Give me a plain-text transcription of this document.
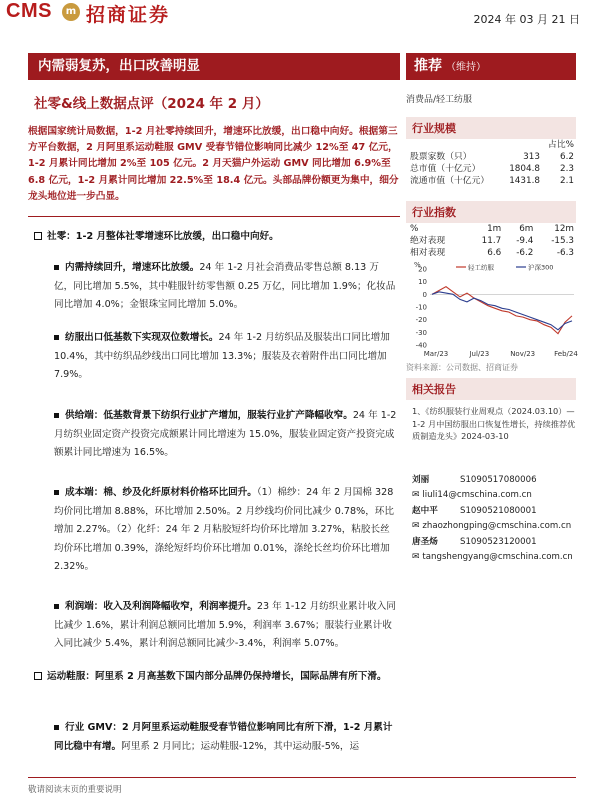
CMS	m 招商证券	2024 年 03 月 21 日
内需弱复苏，出口改善明显	推荐 （维持）
社零&线上数据点评（2024 年 2 月）
根据国家统计局数据，1-2 月社零持续回升，增速环比放缓，出口稳中向好。根据第三方平台数据，2 月阿里系运动鞋服 GMV 受春节错位影响同比减少 12%至 47 亿元，1-2 月累计同比增加 2%至 105 亿元。2 月天猫户外运动 GMV 同比增加 6.9%至 6.8 亿元，1-2 月累计同比增加 22.5%至 18.4 亿元。头部品牌份额更为集中，细分龙头地位进一步凸显。
社零：1-2 月整体社零增速环比放缓，出口稳中向好。
内需持续回升，增速环比放缓。24 年 1-2 月社会消费品零售总额 8.13 万亿，同比增加 5.5%，其中鞋服针纺零售额 0.25 万亿，同比增加 1.9%；化妆品同比增加 4.0%；金银珠宝同比增加 5.0%。
纺服出口低基数下实现双位数增长。24 年 1-2 月纺织品及服装出口同比增加 10.4%，其中纺织品纱线出口同比增加 13.3%；服装及衣着附件出口同比增加 7.9%。
供给端：低基数背景下纺织行业扩产增加，服装行业扩产降幅收窄。24 年 1-2 月纺织业固定资产投资完成额累计同比增速为 15.0%，服装业固定资产投资完成额累计同比增速为 16.5%。
成本端：棉、纱及化纤原材料价格环比回升。（1）棉纱：24 年 2 月国棉 328 均价同比增加 8.88%，环比增加 2.50%。2 月纱线均价同比减少 0.78%，环比增加 2.27%。（2）化纤：24 年 2 月粘胶短纤均价环比增加 3.27%，粘胶长丝均价环比增加 0.39%，涤纶短纤均价环比增加 0.01%，涤纶长丝均价环比增加 2.32%。
利润端：收入及利润降幅收窄，利润率提升。23 年 1-12 月纺织业累计收入同比减少 1.6%，累计利润总额同比增加 5.9%，利润率 3.67%；服装行业累计收入同比减少 5.4%，累计利润总额同比减少-3.4%，利润率 5.07%。
运动鞋服：阿里系 2 月高基数下国内部分品牌仍保持增长，国际品牌有所下滑。
行业 GMV：2 月阿里系运动鞋服受春节错位影响同比有所下滑，1-2 月累计同比稳中有增。阿里系 2 月同比；运动鞋服-12%，其中运动服-5%，运
消费品/轻工纺服
行业规模
		占比%
股票家数（只）	313	6.2
总市值（十亿元）	1804.8	2.3
流通市值（十亿元）	1431.8	2.1
行业指数
%	1m	6m	12m
绝对表现	11.7	-9.4	-15.3
相对表现	6.6	-6.2	-6.3
%
20
10
0
-10
-20
-30
-40
Mar/23	Jul/23	Nov/23	Feb/24
轻工纺服	沪深300
资料来源：公司数据、招商证券
相关报告
1、《纺织服装行业周观点（2024.03.10）—1-2 月中国纺服出口恢复性增长，持续推荐优质制造龙头》2024-03-10
刘丽	S1090517080006
✉ liuli14@cmschina.com.cn
赵中平	S1090521080001
✉ zhaozhongping@cmschina.com.cn
唐圣炀	S1090523120001
✉ tangshengyang@cmschina.com.cn
敬请阅读末页的重要说明
